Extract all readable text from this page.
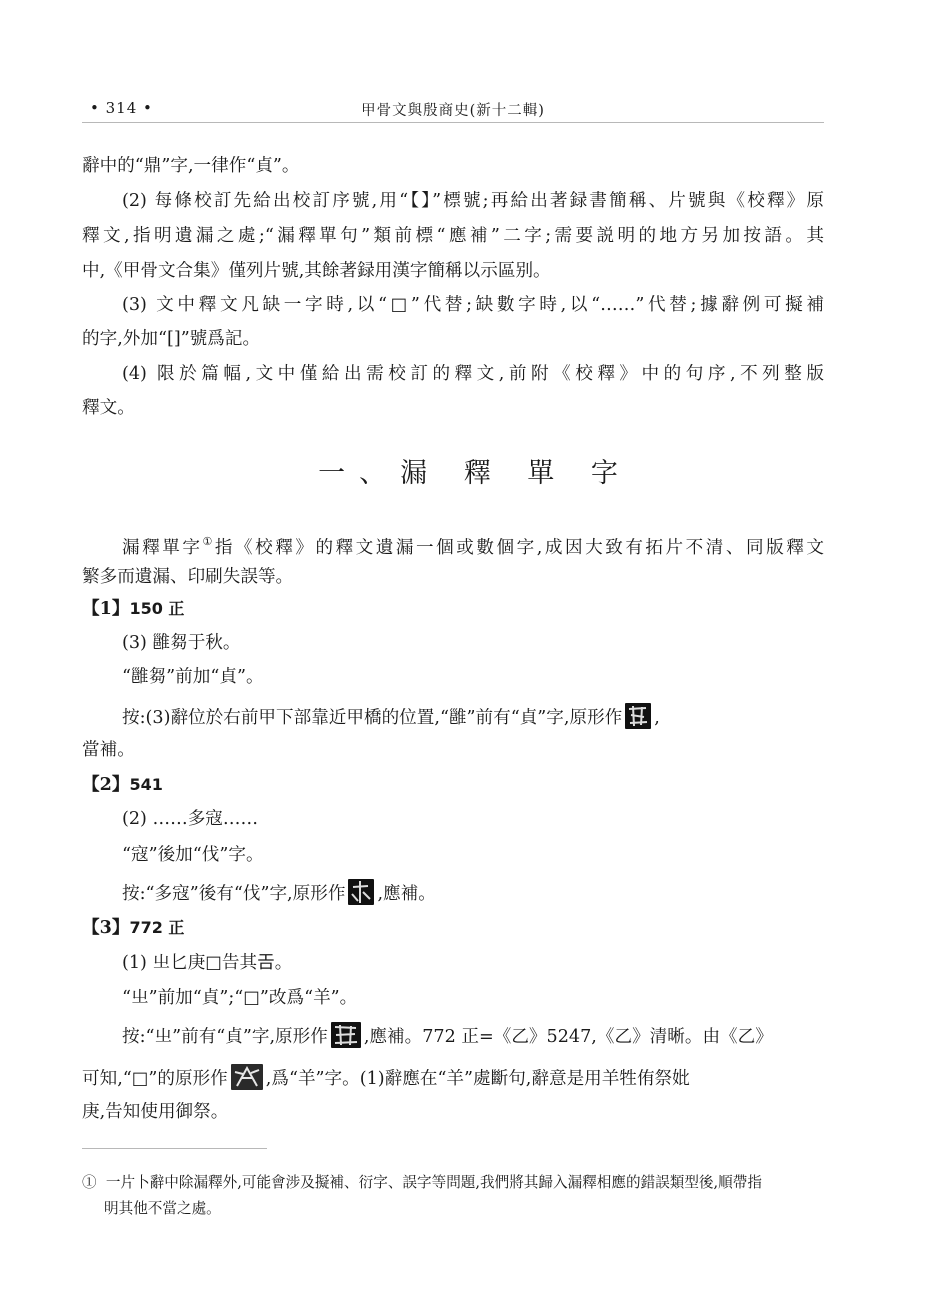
• 314 •	甲骨文與殷商史(新十二輯)
辭中的“鼎”字,一律作“貞”。
(2) 每條校訂先給出校訂序號,用“【】”標號;再給出著録書簡稱、片號與《校釋》原
釋文,指明遺漏之處;“漏釋單句”類前標“應補”二字;需要説明的地方另加按語。其
中,《甲骨文合集》僅列片號,其餘著録用漢字簡稱以示區别。
(3) 文中釋文凡缺一字時,以“□”代替;缺數字時,以“……”代替;據辭例可擬補
的字,外加“[]”號爲記。
(4) 限於篇幅,文中僅給出需校訂的釋文,前附《校釋》中的句序,不列整版
釋文。
一、漏 釋 單 字
漏釋單字①指《校釋》的釋文遺漏一個或數個字,成因大致有拓片不清、同版釋文
繁多而遺漏、印刷失誤等。
【1】150 正
(3) 雝芻于秋。
“雝芻”前加“貞”。
按:(3)辭位於右前甲下部靠近甲橋的位置,“雝”前有“貞”字,原形作 ,
當補。
【2】541
(2) ……多寇……
“寇”後加“伐”字。
按:“多寇”後有“伐”字,原形作 ,應補。
【3】772 正
(1) 㞢匕庚□告其𢀛。
“㞢”前加“貞”;“□”改爲“羊”。
按:“㞢”前有“貞”字,原形作 ,應補。772 正=《乙》5247,《乙》清晰。由《乙》
可知,“□”的原形作 ,爲“羊”字。(1)辭應在“羊”處斷句,辭意是用羊牲侑祭妣
庚,告知使用御祭。
① 一片卜辭中除漏釋外,可能會涉及擬補、衍字、誤字等問題,我們將其歸入漏釋相應的錯誤類型後,順帶指
明其他不當之處。
